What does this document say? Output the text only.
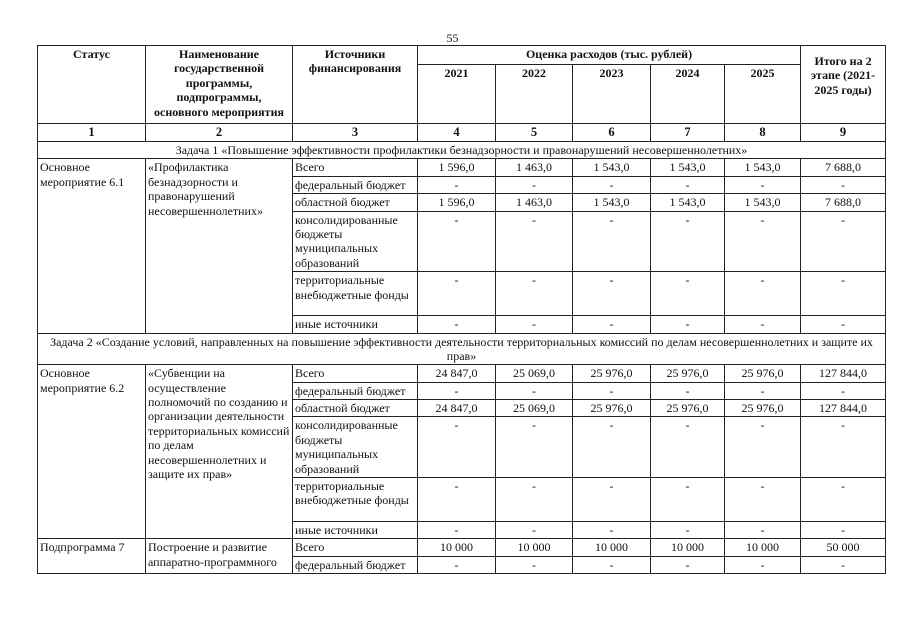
55
Статус	Наименование государственной программы, подпрограммы, основного мероприятия	Источники финансирования	Оценка расходов (тыс. рублей)					Итого на 2 этапе (2021-2025 годы)
			2021	2022	2023	2024	2025	
1	2	3	4	5	6	7	8	9
Задача 1 «Повышение эффективности профилактики безнадзорности и правонарушений несовершеннолетних»								
Основное мероприятие 6.1	«Профилактика безнадзорности и правонарушений несовершеннолетних»	Всего	1 596,0	1 463,0	1 543,0	1 543,0	1 543,0	7 688,0
		федеральный бюджет	-	-	-	-	-	-
		областной бюджет	1 596,0	1 463,0	1 543,0	1 543,0	1 543,0	7 688,0
		консолидированные бюджеты муниципальных образований	-	-	-	-	-	-
		территориальные внебюджетные фонды	-	-	-	-	-	-
		иные источники	-	-	-	-	-	-
Задача 2 «Создание условий, направленных на повышение эффективности деятельности территориальных комиссий по делам несовершеннолетних и защите их прав»								
Основное мероприятие 6.2	«Субвенции на осуществление полномочий по созданию и организации деятельности территориальных комиссий по делам несовершеннолетних и защите их прав»	Всего	24 847,0	25 069,0	25 976,0	25 976,0	25 976,0	127 844,0
		федеральный бюджет	-	-	-	-	-	-
		областной бюджет	24 847,0	25 069,0	25 976,0	25 976,0	25 976,0	127 844,0
		консолидированные бюджеты муниципальных образований	-	-	-	-	-	-
		территориальные внебюджетные фонды	-	-	-	-	-	-
		иные источники	-	-	-	-	-	-
Подпрограмма 7	Построение и развитие аппаратно-программного	Всего	10 000	10 000	10 000	10 000	10 000	50 000
		федеральный бюджет	-	-	-	-	-	-
